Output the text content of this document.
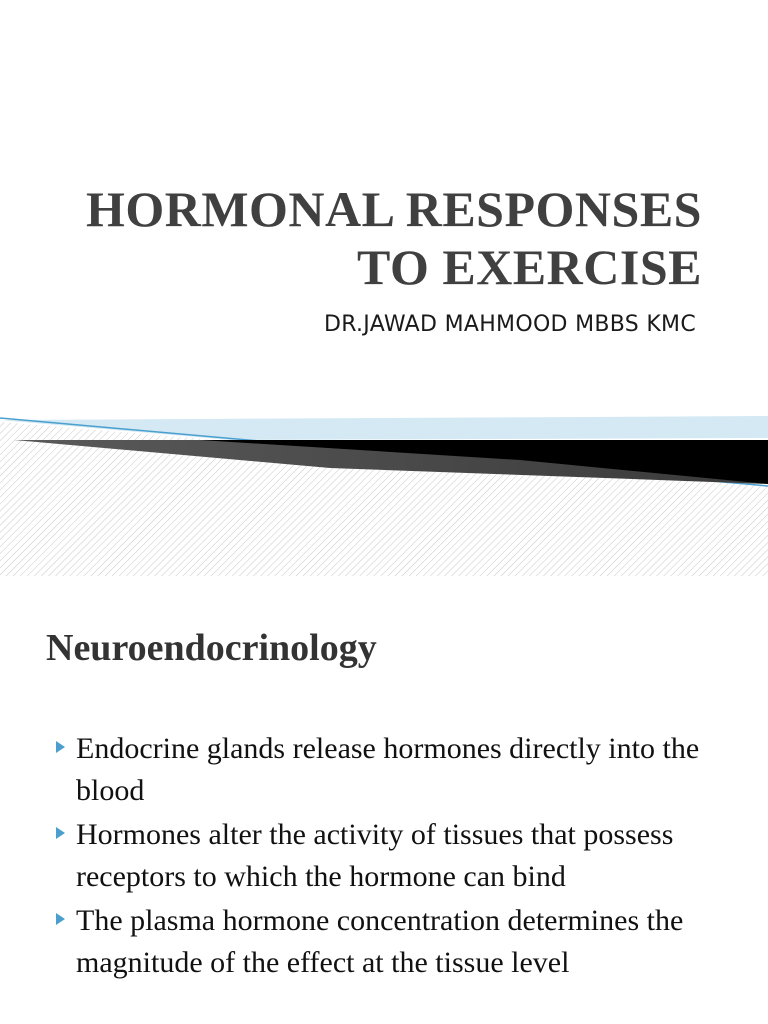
HORMONAL RESPONSES
TO EXERCISE
DR.JAWAD MAHMOOD MBBS KMC
Neuroendocrinology
Endocrine glands release hormones directly into the blood
Hormones alter the activity of tissues that possess receptors to which the hormone can bind
The plasma hormone concentration determines the magnitude of the effect at the tissue level
